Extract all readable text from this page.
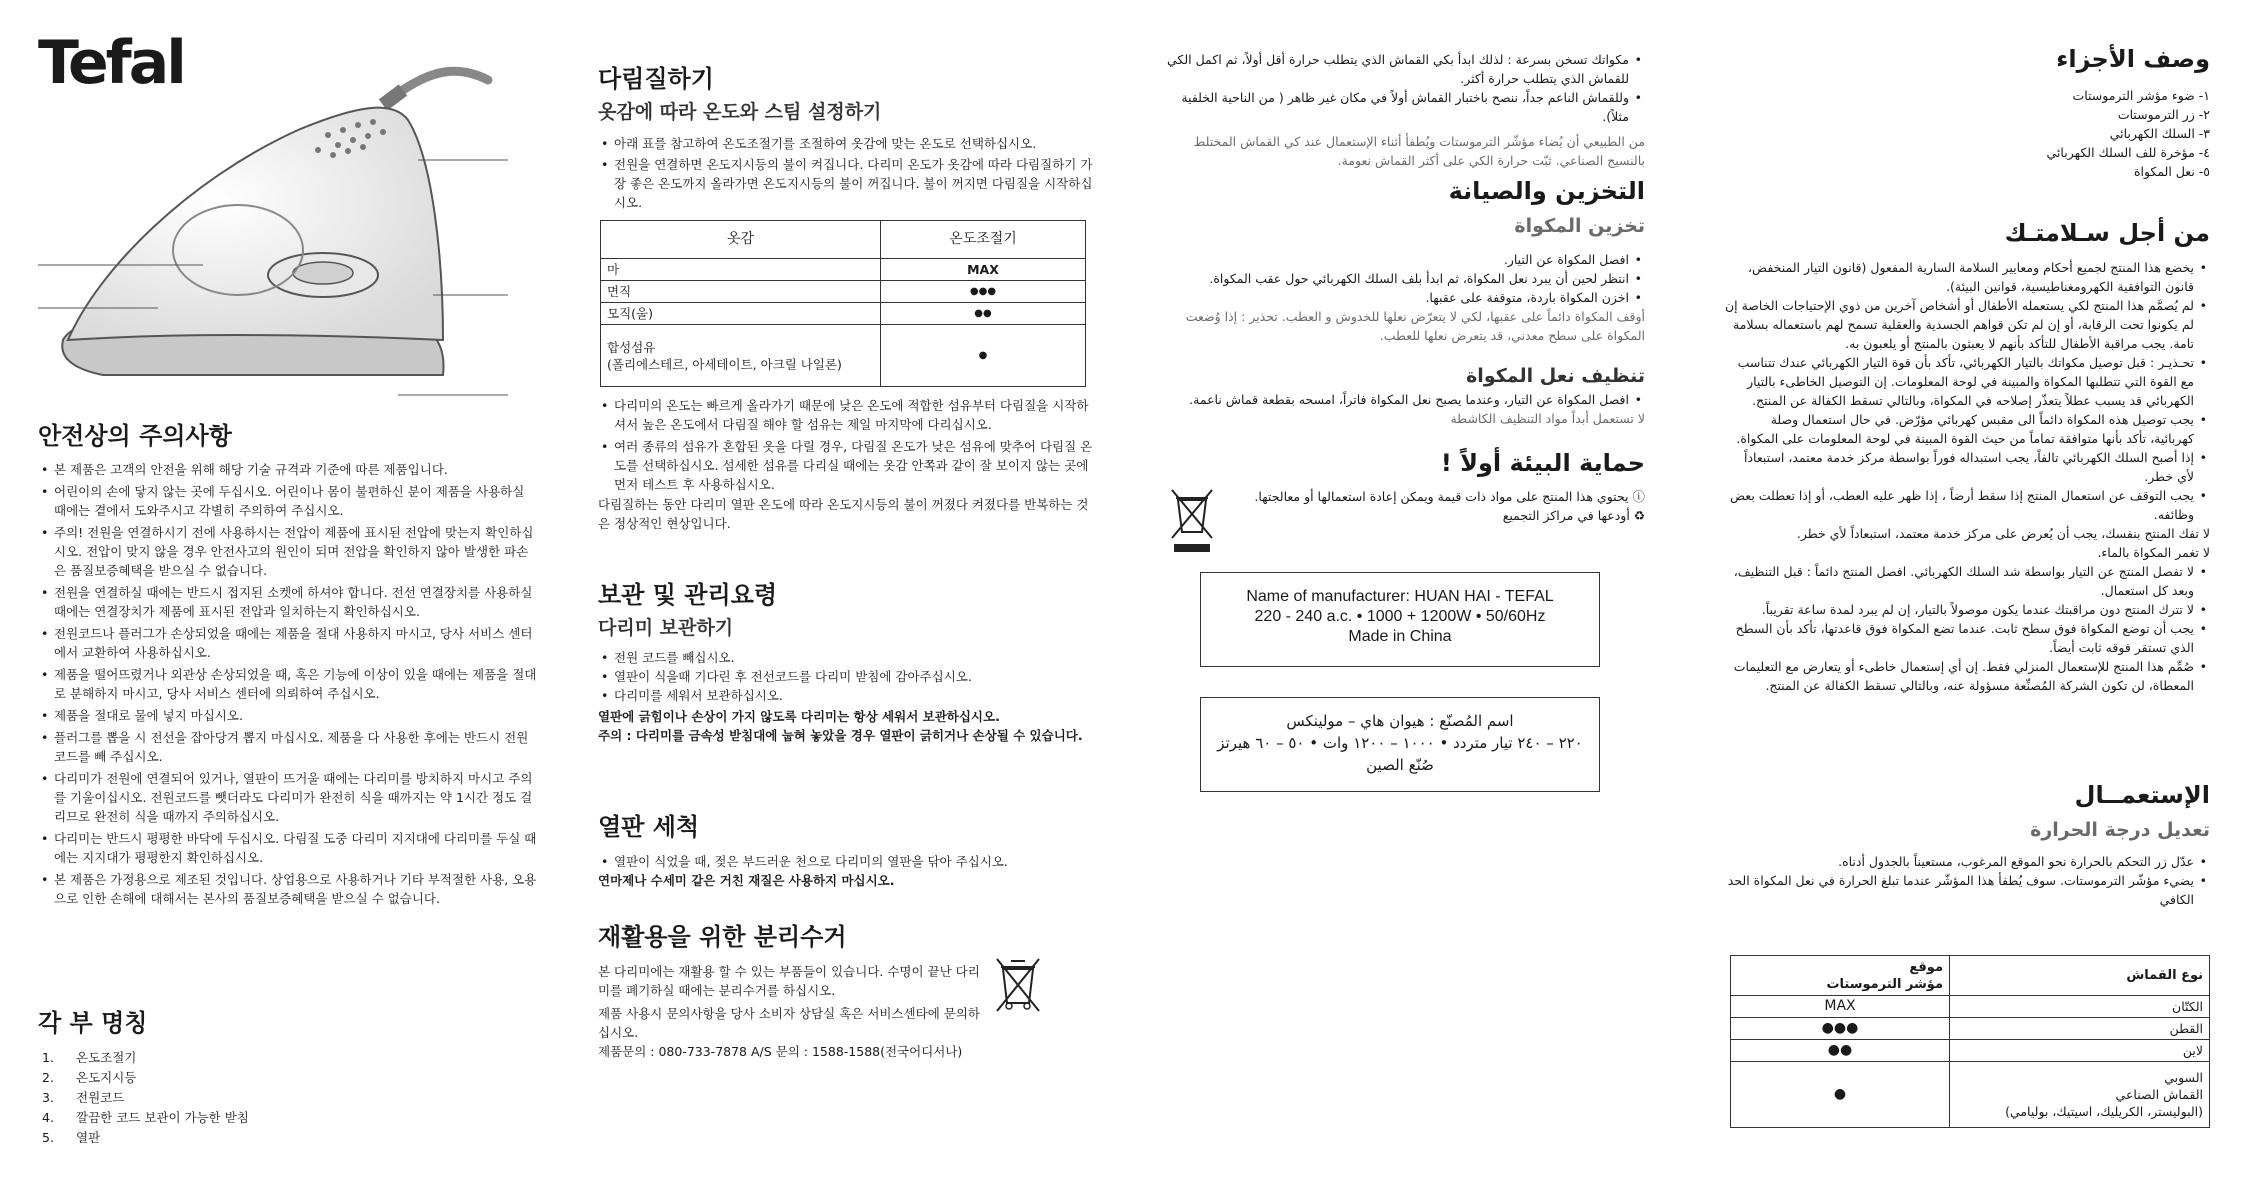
Tefal
안전상의 주의사항
• 본 제품은 고객의 안전을 위해 해당 기술 규격과 기준에 따른 제품입니다.
• 어린이의 손에 닿지 않는 곳에 두십시오. 어린이나 몸이 불편하신 분이 제품을 사용하실 때에는 곁에서 도와주시고 각별히 주의하여 주십시오.
• 주의! 전원을 연결하시기 전에 사용하시는 전압이 제품에 표시된 전압에 맞는지 확인하십시오. 전압이 맞지 않을 경우 안전사고의 원인이 되며 전압을 확인하지 않아 발생한 파손은 품질보증혜택을 받으실 수 없습니다.
• 전원을 연결하실 때에는 반드시 접지된 소켓에 하셔야 합니다. 전선 연결장치를 사용하실 때에는 연결장치가 제품에 표시된 전압과 일치하는지 확인하십시오.
• 전원코드나 플러그가 손상되었을 때에는 제품을 절대 사용하지 마시고, 당사 서비스 센터에서 교환하여 사용하십시오.
• 제품을 떨어뜨렸거나 외관상 손상되었을 때, 혹은 기능에 이상이 있을 때에는 제품을 절대로 분해하지 마시고, 당사 서비스 센터에 의뢰하여 주십시오.
• 제품을 절대로 물에 넣지 마십시오.
• 플러그를 뽑을 시 전선을 잡아당겨 뽑지 마십시오. 제품을 다 사용한 후에는 반드시 전원코드를 빼 주십시오.
• 다리미가 전원에 연결되어 있거나, 열판이 뜨거울 때에는 다리미를 방치하지 마시고 주의를 기울이십시오. 전원코드를 뺏더라도 다리미가 완전히 식을 때까지는 약 1시간 정도 걸리므로 완전히 식을 때까지 주의하십시오.
• 다리미는 반드시 평평한 바닥에 두십시오. 다림질 도중 다리미 지지대에 다리미를 두실 때에는 지지대가 평평한지 확인하십시오.
• 본 제품은 가정용으로 제조된 것입니다. 상업용으로 사용하거나 기타 부적절한 사용, 오용으로 인한 손해에 대해서는 본사의 품질보증혜택을 받으실 수 없습니다.
각 부 명칭
1. 온도조절기
2. 온도지시등
3. 전원코드
4. 깔끔한 코드 보관이 가능한 받침
5. 열판
다림질하기
옷감에 따라 온도와 스팀 설정하기
• 아래 표를 참고하여 온도조절기를 조절하여 옷감에 맞는 온도로 선택하십시오.
• 전원을 연결하면 온도지시등의 불이 켜집니다. 다리미 온도가 옷감에 따라 다림질하기 가장 좋은 온도까지 올라가면 온도지시등의 불이 꺼집니다. 불이 꺼지면 다림질을 시작하십시오.
옷감	온도조절기
마	MAX
면직	●●●
모직(울)	●●
합성섬유
(폴리에스테르, 아세테이트, 아크릴 나일론)	●
• 다리미의 온도는 빠르게 올라가기 때문에 낮은 온도에 적합한 섬유부터 다림질을 시작하셔서 높은 온도에서 다림질 해야 할 섬유는 제일 마지막에 다리십시오.
• 여러 종류의 섬유가 혼합된 옷을 다릴 경우, 다림질 온도가 낮은 섬유에 맞추어 다림질 온도를 선택하십시오. 섬세한 섬유를 다리실 때에는 옷감 안쪽과 같이 잘 보이지 않는 곳에 먼저 테스트 후 사용하십시오.
다림질하는 동안 다리미 열판 온도에 따라 온도지시등의 불이 꺼졌다 켜졌다를 반복하는 것은 정상적인 현상입니다.
보관 및 관리요령
다리미 보관하기
• 전원 코드를 빼십시오.
• 열판이 식을때 기다린 후 전선코드를 다리미 받침에 감아주십시오.
• 다리미를 세워서 보관하십시오.
열판에 긁힘이나 손상이 가지 않도록 다리미는 항상 세워서 보관하십시오.
주의 : 다리미를 금속성 받침대에 눕혀 놓았을 경우 열판이 긁히거나 손상될 수 있습니다.
열판 세척
• 열판이 식었을 때, 젖은 부드러운 천으로 다리미의 열판을 닦아 주십시오.
연마제나 수세미 같은 거친 재질은 사용하지 마십시오.
재활용을 위한 분리수거
본 다리미에는 재활용 할 수 있는 부품들이 있습니다. 수명이 끝난 다리미를 폐기하실 때에는 분리수거를 하십시오.
제품 사용시 문의사항을 당사 소비자 상담실 혹은 서비스센타에 문의하십시오.
제품문의 : 080-733-7878 A/S 문의 : 1588-1588(전국어디서나)
• مكواتك تسخن بسرعة : لذلك ابدأ بكي القماش الذي يتطلب حرارة أقل أولاً، ثم اكمل الكي للقماش الذي يتطلب حرارة أكثر.
• وللقماش الناعم جداً، ننصح باختبار القماش أولاً في مكان غير ظاهر ( من الناحية الخلفية مثلاً).
من الطبيعي أن يُضاء مؤشّر الترموستات ويُطفأ أثناء الإستعمال عند كي القماش المختلط بالنسيج الصناعي. ثبّت حرارة الكي على أكثر القماش نعومة.
التخزين والصيانة
تخزين المكواة
• افصل المكواة عن التيار.
• انتظر لحين أن يبرد نعل المكواة، ثم ابدأ بلف السلك الكهربائي حول عقب المكواة.
• اخزن المكواة باردة، متوقفة على عقبها.
أوقف المكواة دائماً على عقبها، لكي لا يتعرّض نعلها للخدوش و العطب. تحذير : إذا وُضعت المكواة على سطح معدني، قد يتعرض نعلها للعطب.
تنظيف نعل المكواة
• افصل المكواة عن التيار، وعندما يصبح نعل المكواة فاتراً، امسحه بقطعة قماش ناعمة.
لا تستعمل أبداً مواد التنظيف الكاشطة
حماية البيئة أولاً !
ⓘ يحتوي هذا المنتج على مواد ذات قيمة ويمكن إعادة استعمالها أو معالجتها.
♻ أودعها في مراكز التجميع
Name of manufacturer: HUAN HAI - TEFAL
220 - 240 a.c. • 1000 + 1200W • 50/60Hz
Made in China
اسم المُصنّع : هيوان هاي – مولينكس
٢٢٠ – ٢٤٠ تيار متردد • ١٠٠٠ – ١٢٠٠ وات • ٥٠ – ٦٠ هيرتز
صُنّع الصين
وصف الأجزاء
١- ضوء مؤشر الترموستات
٢- زر الترموستات
٣- السلك الكهربائي
٤- مؤخرة للف السلك الكهربائي
٥- نعل المكواة
من أجل سـلامتـك
• يخضع هذا المنتج لجميع أحكام ومعايير السلامة السارية المفعول (قانون التيار المنخفض، قانون التوافقية الكهرومغناطيسية، قوانين البيئة).
• لم يُصمَّم هذا المنتج لكي يستعمله الأطفال أو أشخاص آخرين من ذوي الإحتياجات الخاصة إن لم يكونوا تحت الرقابة، أو إن لم تكن قواهم الجسدية والعقلية تسمح لهم باستعماله بسلامة تامة. يجب مراقبة الأطفال للتأكد بأنهم لا يعبثون بالمنتج أو يلعبون به.
• تحـذيـر : قبل توصيل مكواتك بالتيار الكهربائي، تأكد بأن قوة التيار الكهربائي عندك تتناسب مع القوة التي تتطلبها المكواة والمبينة في لوحة المعلومات. إن التوصيل الخاطىء بالتيار الكهربائي قد يسبب عطلاً يتعذّر إصلاحه في المكواة، وبالتالي تسقط الكفالة عن المنتج.
• يجب توصيل هذه المكواة دائماً الى مقبس كهربائي مؤرّض. في حال استعمال وصلة كهربائية، تأكد بأنها متوافقة تماماً من حيث القوة المبينة في لوحة المعلومات على المكواة.
• إذا أصبح السلك الكهربائي تالفاً، يجب استبداله فوراً بواسطة مركز خدمة معتمد، استبعاداً لأي خطر.
• يجب التوقف عن استعمال المنتج إذا سقط أرضاً ، إذا ظهر عليه العطب، أو إذا تعطلت بعض وظائفه.
لا تفك المنتج بنفسك، يجب أن يُعرض على مركز خدمة معتمد، استبعاداً لأي خطر.
لا تغمر المكواة بالماء.
• لا تفصل المنتج عن التيار بواسطة شد السلك الكهربائي. افصل المنتج دائماً : قبل التنظيف، وبعد كل استعمال.
• لا تترك المنتج دون مراقبتك عندما يكون موصولاً بالتيار، إن لم يبرد لمدة ساعة تقريباً.
• يجب أن توضع المكواة فوق سطح ثابت. عندما تضع المكواة فوق قاعدتها، تأكد بأن السطح الذي تستقر فوقه ثابت أيضاً.
• صُمِّم هذا المنتج للإستعمال المنزلي فقط. إن أي إستعمال خاطىء أو يتعارض مع التعليمات المعطاة، لن تكون الشركة المُصنِّعة مسؤولة عنه، وبالتالي تسقط الكفالة عن المنتج.
الإستعمــال
تعديل درجة الحرارة
• عدّل زر التحكم بالحرارة نحو الموقع المرغوب، مستعيناً بالجدول أدناه.
• يضيء مؤشّر الترموستات. سوف يُطفأ هذا المؤشّر عندما تبلغ الحرارة في نعل المكواة الحد الكافي
نوع القماش	موقع
مؤشر الترموستات
الكتّان	MAX
القطن	●●●
لاين	●●
السوبي
القماش الصناعي
(البوليستر، الكريليك، اسيتيك، بوليامي)	●
